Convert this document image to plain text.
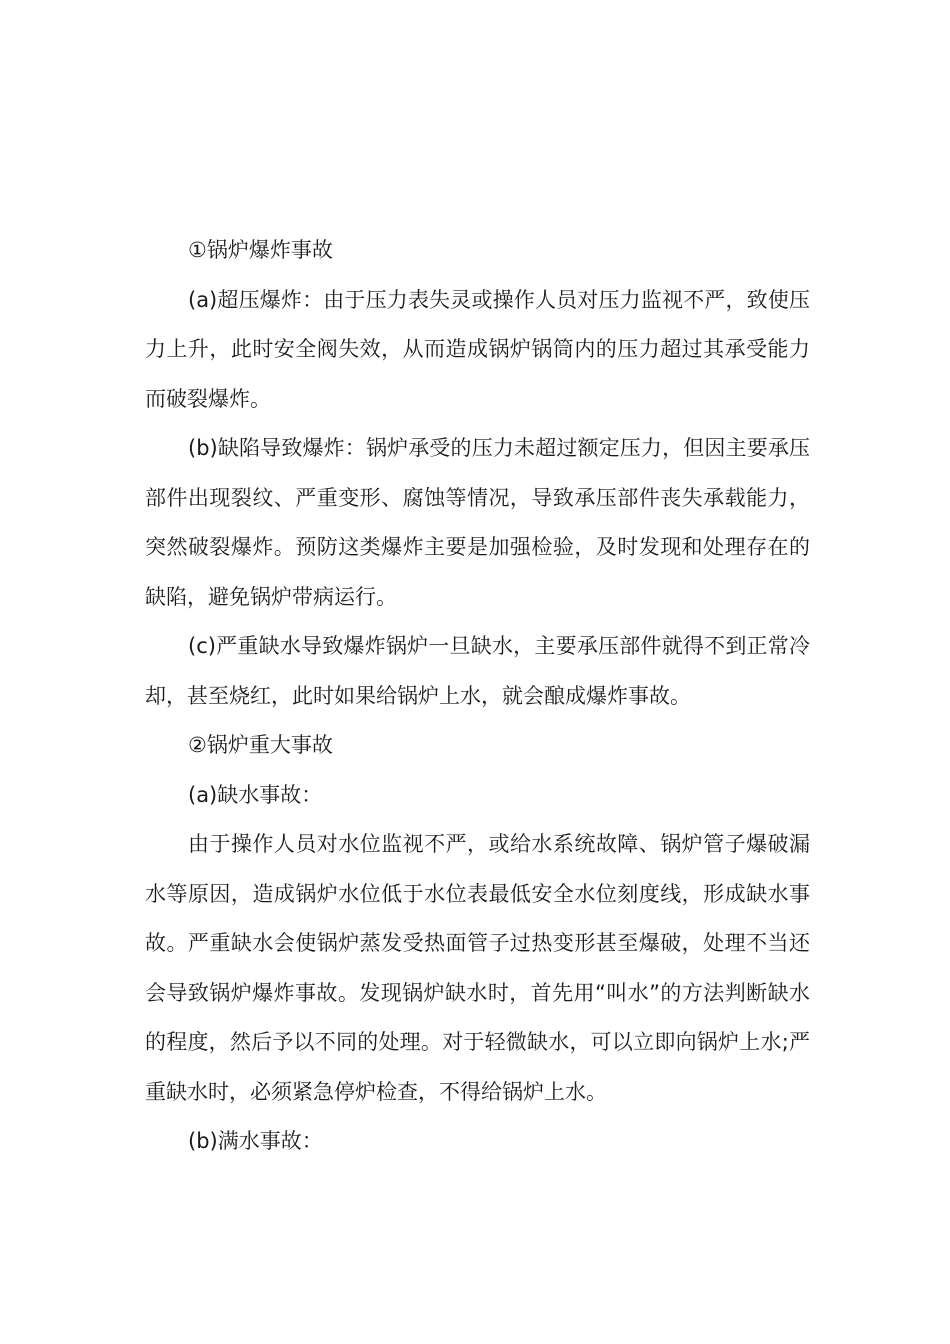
①锅炉爆炸事故

(a)超压爆炸：由于压力表失灵或操作人员对压力监视不严，致使压力上升，此时安全阀失效，从而造成锅炉锅筒内的压力超过其承受能力而破裂爆炸。

(b)缺陷导致爆炸：锅炉承受的压力未超过额定压力，但因主要承压部件出现裂纹、严重变形、腐蚀等情况，导致承压部件丧失承载能力，突然破裂爆炸。预防这类爆炸主要是加强检验，及时发现和处理存在的缺陷，避免锅炉带病运行。

(c)严重缺水导致爆炸锅炉一旦缺水，主要承压部件就得不到正常冷却，甚至烧红，此时如果给锅炉上水，就会酿成爆炸事故。

②锅炉重大事故

(a)缺水事故：

由于操作人员对水位监视不严，或给水系统故障、锅炉管子爆破漏水等原因，造成锅炉水位低于水位表最低安全水位刻度线，形成缺水事故。严重缺水会使锅炉蒸发受热面管子过热变形甚至爆破，处理不当还会导致锅炉爆炸事故。发现锅炉缺水时，首先用“叫水”的方法判断缺水的程度，然后予以不同的处理。对于轻微缺水，可以立即向锅炉上水;严重缺水时，必须紧急停炉检查，不得给锅炉上水。

(b)满水事故：
